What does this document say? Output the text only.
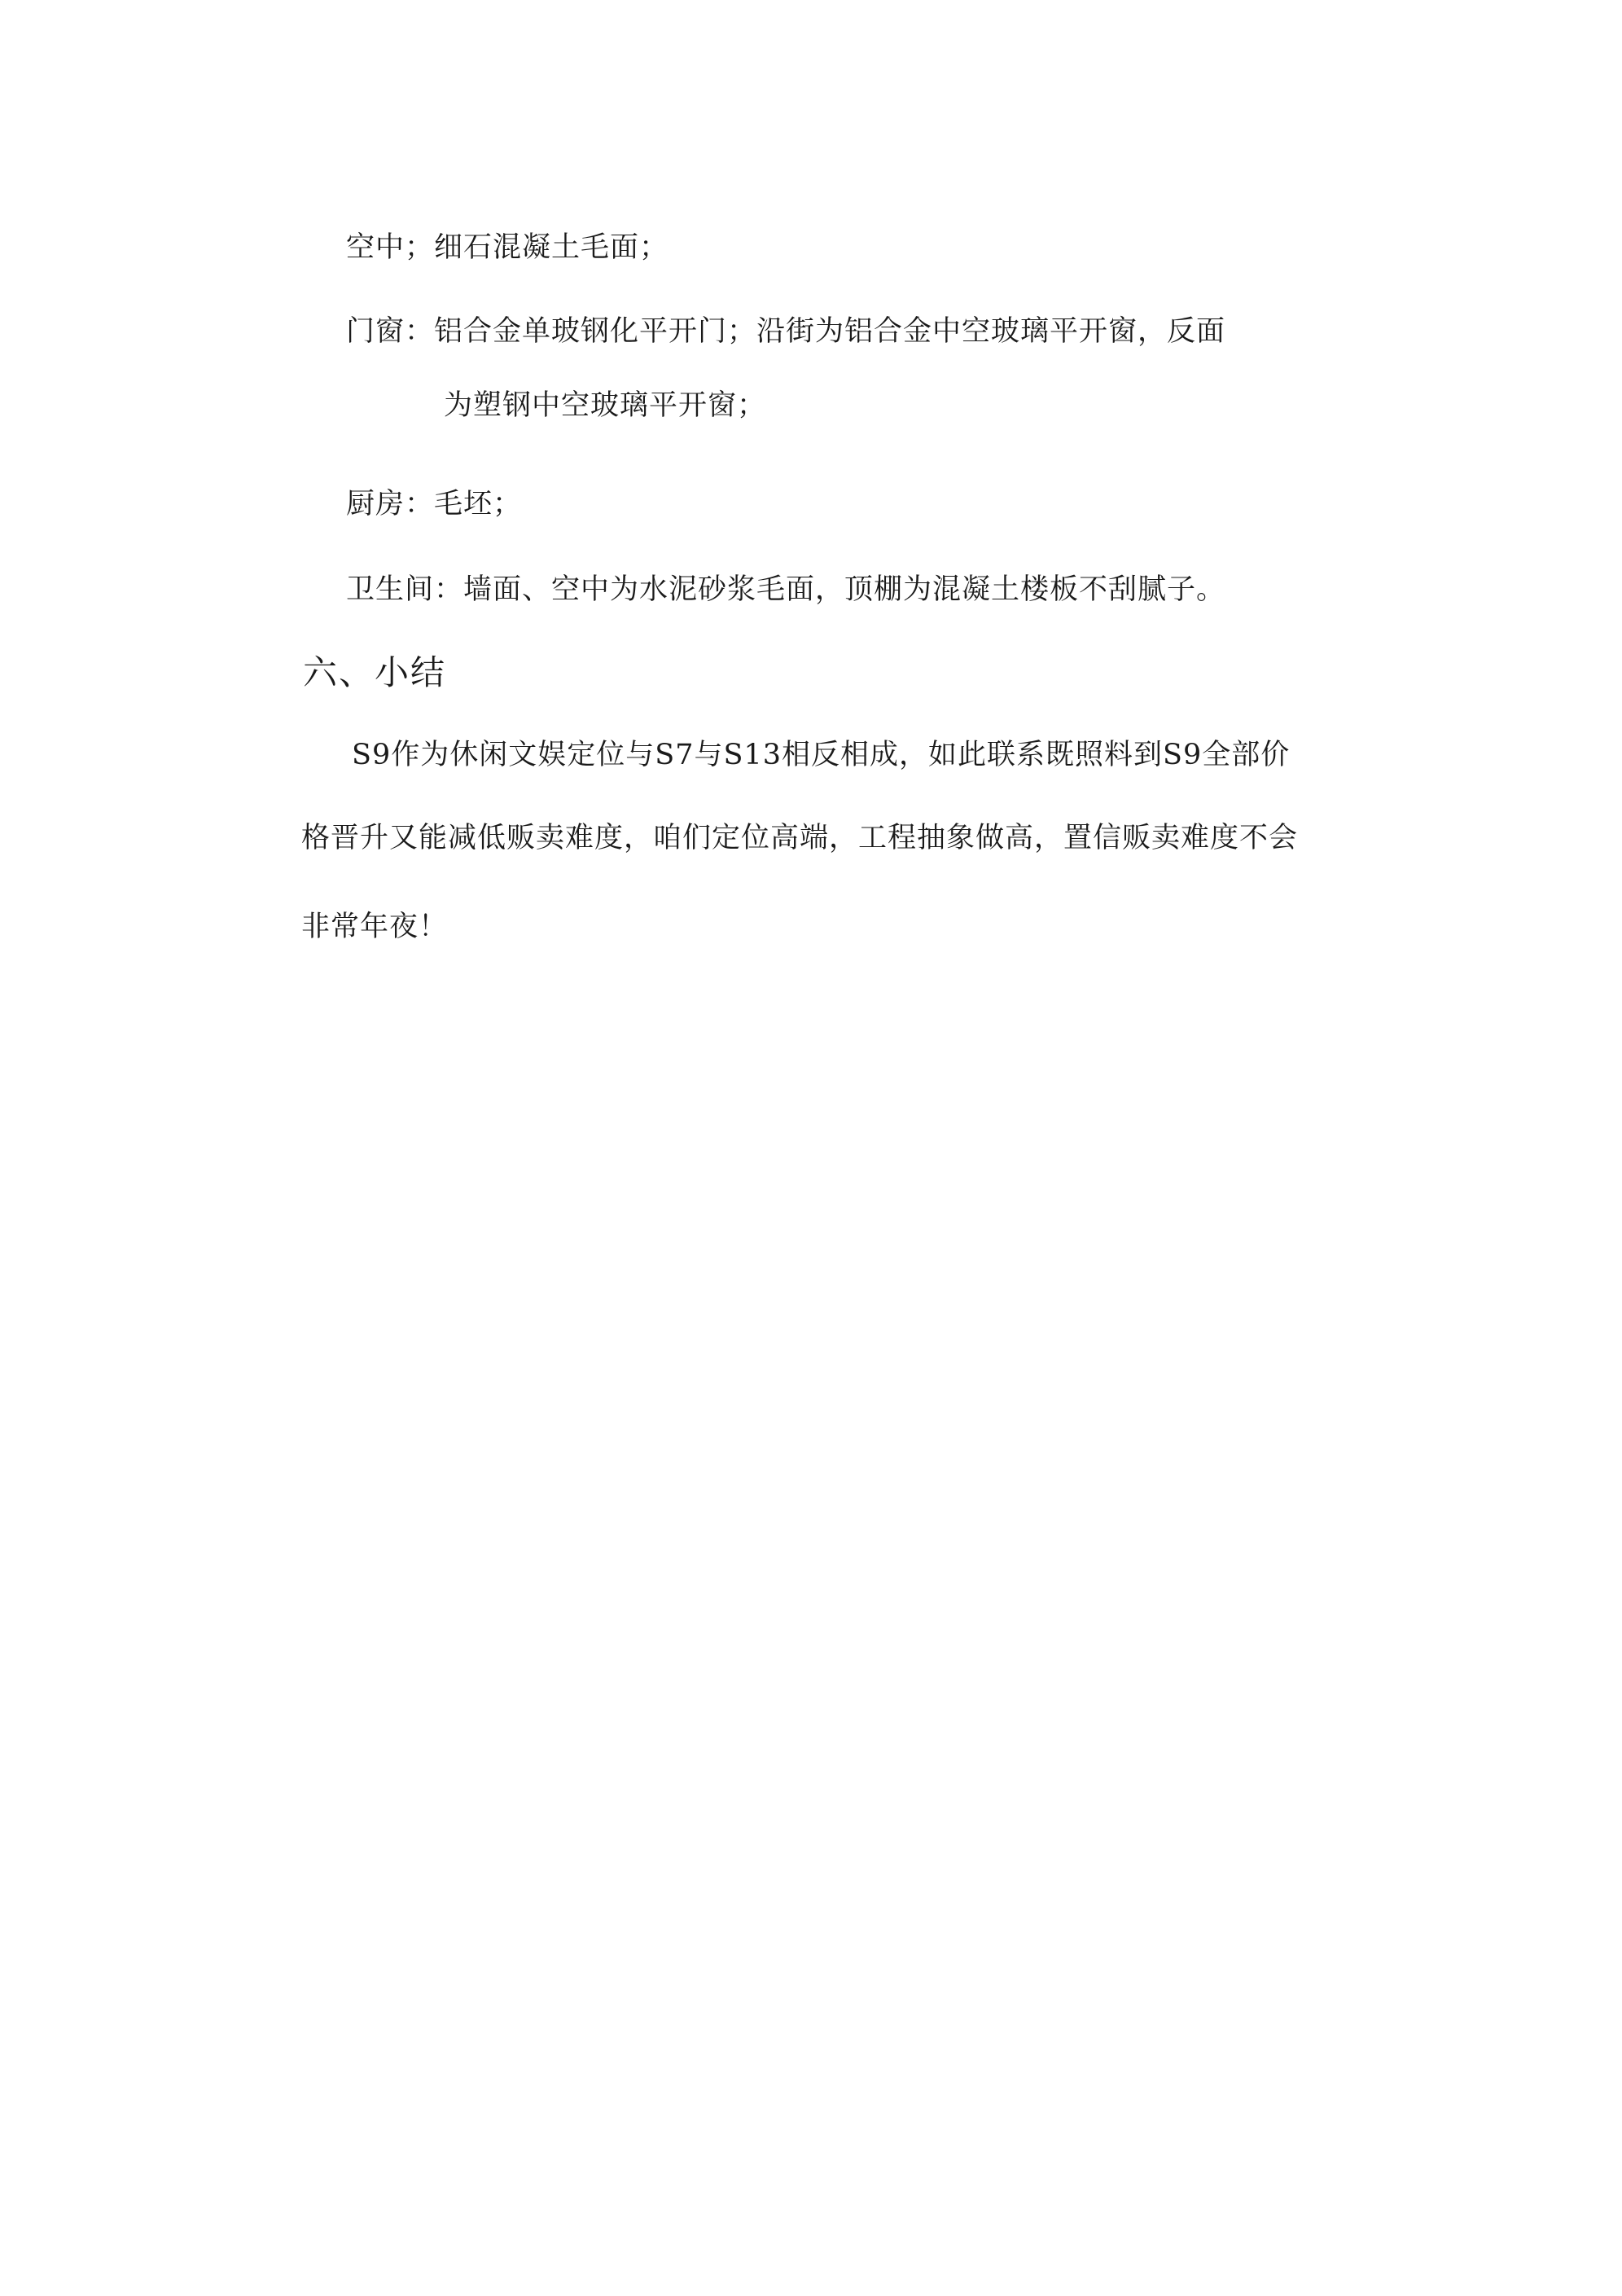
空中；细石混凝土毛面；
门窗：铝合金单玻钢化平开门；沿街为铝合金中空玻璃平开窗，反面
为塑钢中空玻璃平开窗；
厨房：毛坯；
卫生间：墙面、空中为水泥砂浆毛面，顶棚为混凝土楼板不刮腻子。
六、小结
S9作为休闲文娱定位与S7与S13相反相成，如此联系既照料到S9全部价
格晋升又能减低贩卖难度，咱们定位高端，工程抽象做高，置信贩卖难度不会
非常年夜！
